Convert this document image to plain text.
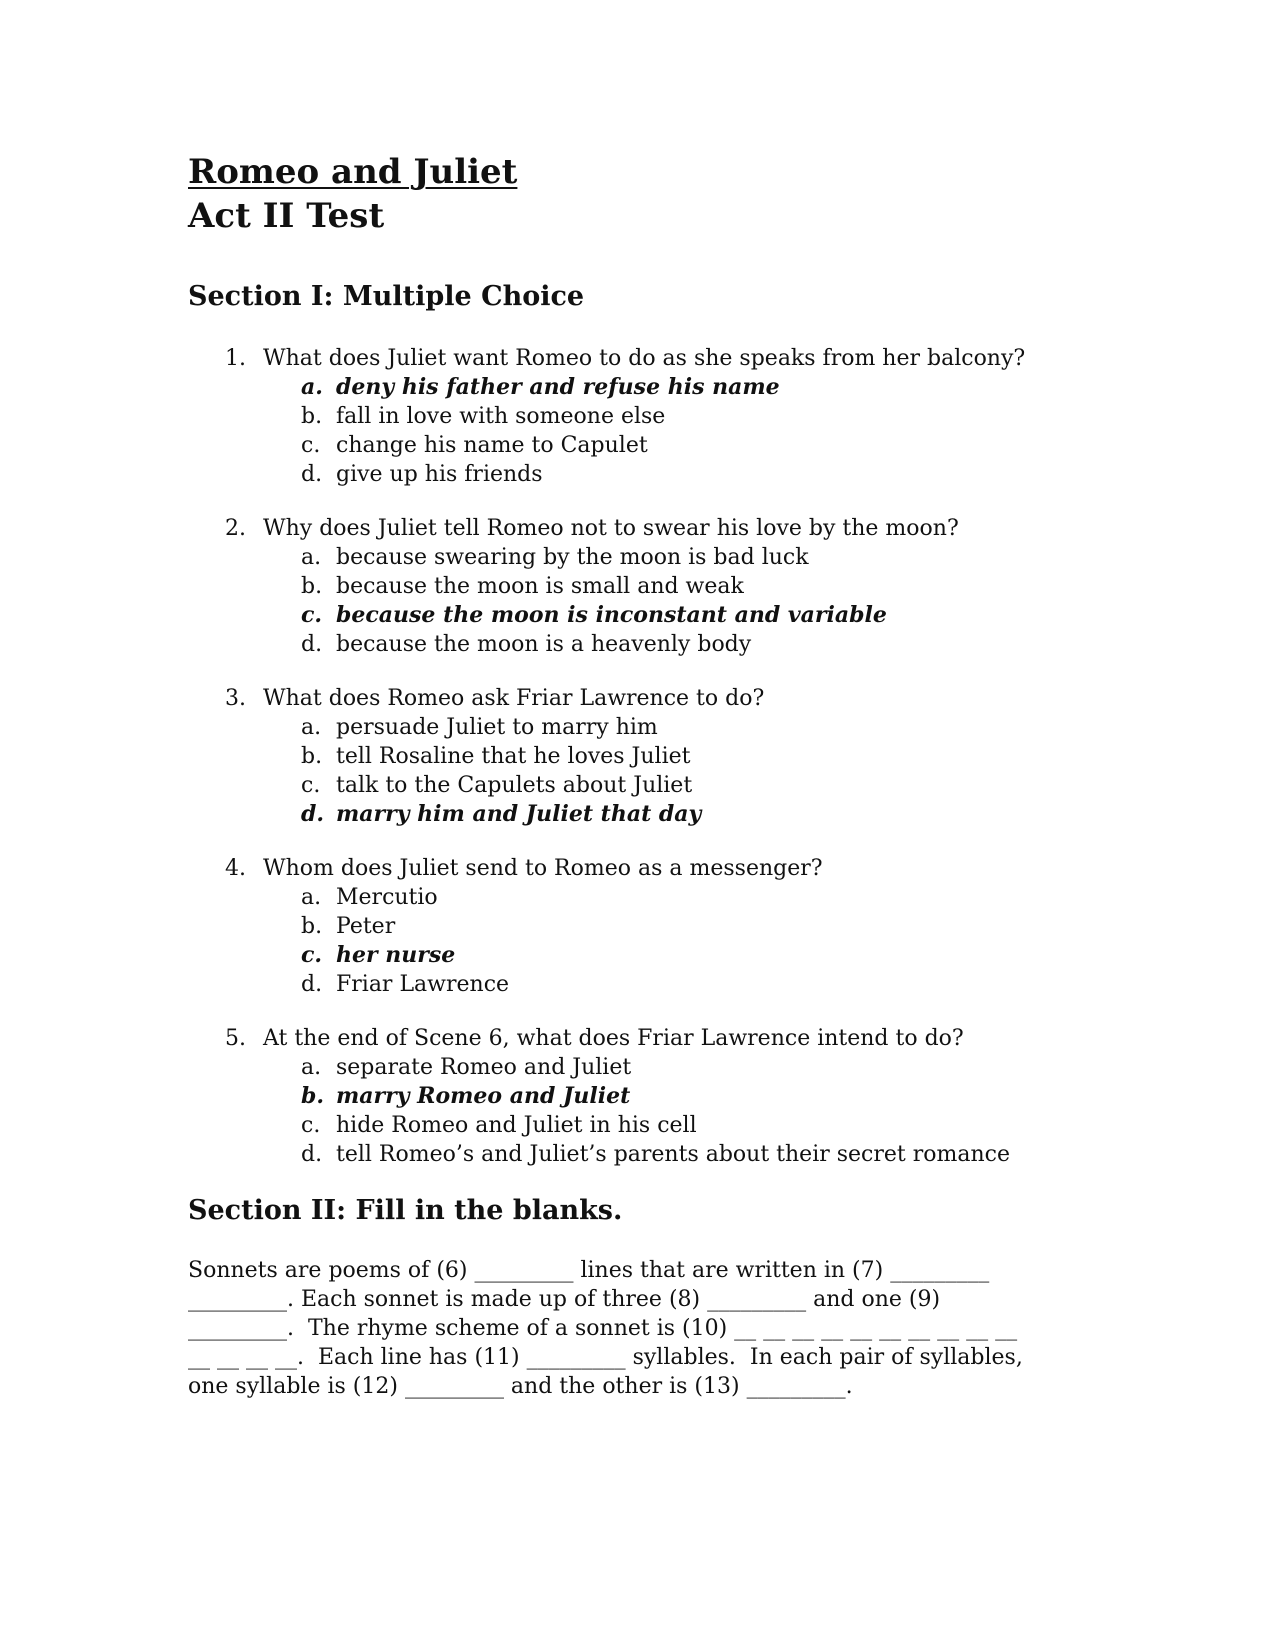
Romeo and Juliet
Act II Test
Section I: Multiple Choice
1. What does Juliet want Romeo to do as she speaks from her balcony?
a. deny his father and refuse his name
b. fall in love with someone else
c. change his name to Capulet
d. give up his friends
2. Why does Juliet tell Romeo not to swear his love by the moon?
a. because swearing by the moon is bad luck
b. because the moon is small and weak
c. because the moon is inconstant and variable
d. because the moon is a heavenly body
3. What does Romeo ask Friar Lawrence to do?
a. persuade Juliet to marry him
b. tell Rosaline that he loves Juliet
c. talk to the Capulets about Juliet
d. marry him and Juliet that day
4. Whom does Juliet send to Romeo as a messenger?
a. Mercutio
b. Peter
c. her nurse
d. Friar Lawrence
5. At the end of Scene 6, what does Friar Lawrence intend to do?
a. separate Romeo and Juliet
b. marry Romeo and Juliet
c. hide Romeo and Juliet in his cell
d. tell Romeo’s and Juliet’s parents about their secret romance
Section II: Fill in the blanks.

Sonnets are poems of (6) _________ lines that are written in (7) _________ _________. Each sonnet is made up of three (8) _________ and one (9) _________.  The rhyme scheme of a sonnet is (10) __ __ __ __ __ __ __ __ __ __ __ __ __ __.  Each line has (11) _________ syllables.  In each pair of syllables, one syllable is (12) _________ and the other is (13) _________.
